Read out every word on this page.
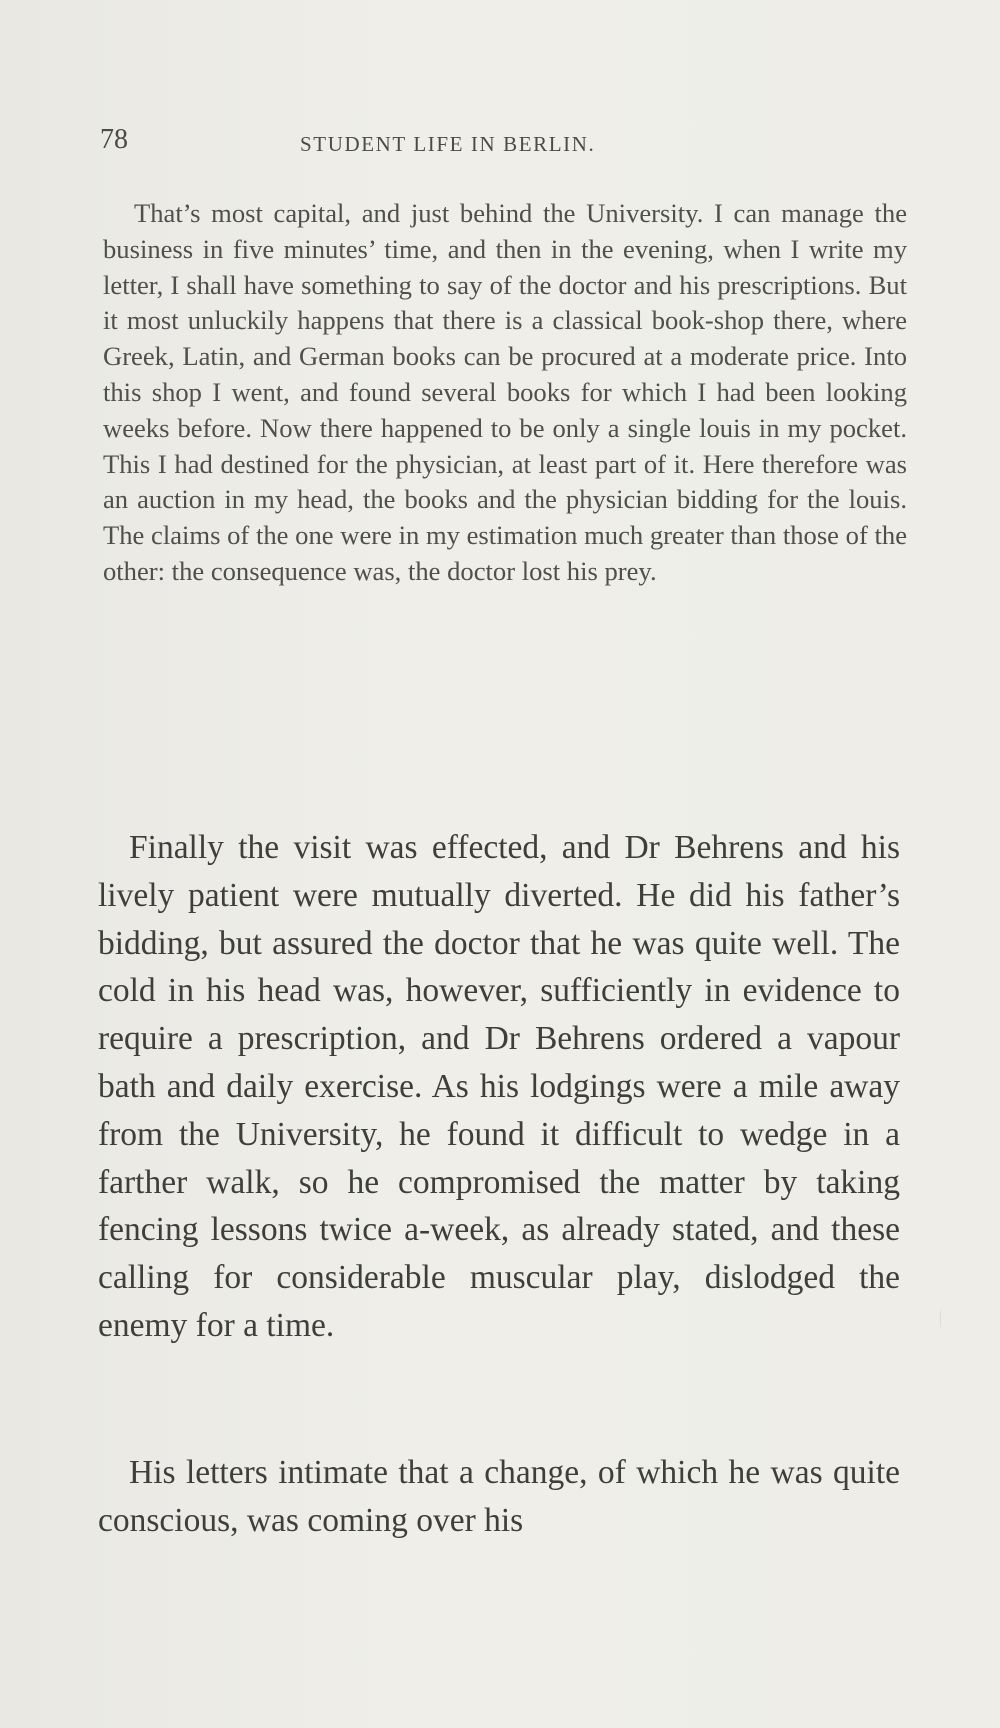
78	STUDENT LIFE IN BERLIN.

That’s most capital, and just behind the University. I can manage the business in five minutes’ time, and then in the evening, when I write my letter, I shall have something to say of the doctor and his prescriptions. But it most unluckily happens that there is a classical book-shop there, where Greek, Latin, and German books can be procured at a moderate price. Into this shop I went, and found several books for which I had been looking weeks before. Now there happened to be only a single louis in my pocket. This I had destined for the physician, at least part of it. Here therefore was an auction in my head, the books and the physician bidding for the louis. The claims of the one were in my estimation much greater than those of the other: the consequence was, the doctor lost his prey.

Finally the visit was effected, and Dr Behrens and his lively patient were mutually diverted. He did his father’s bidding, but assured the doctor that he was quite well. The cold in his head was, however, sufficiently in evidence to require a prescription, and Dr Behrens ordered a vapour bath and daily exercise. As his lodgings were a mile away from the University, he found it difficult to wedge in a farther walk, so he compromised the matter by taking fencing lessons twice a-week, as already stated, and these calling for considerable muscular play, dislodged the enemy for a time.

His letters intimate that a change, of which he was quite conscious, was coming over his
